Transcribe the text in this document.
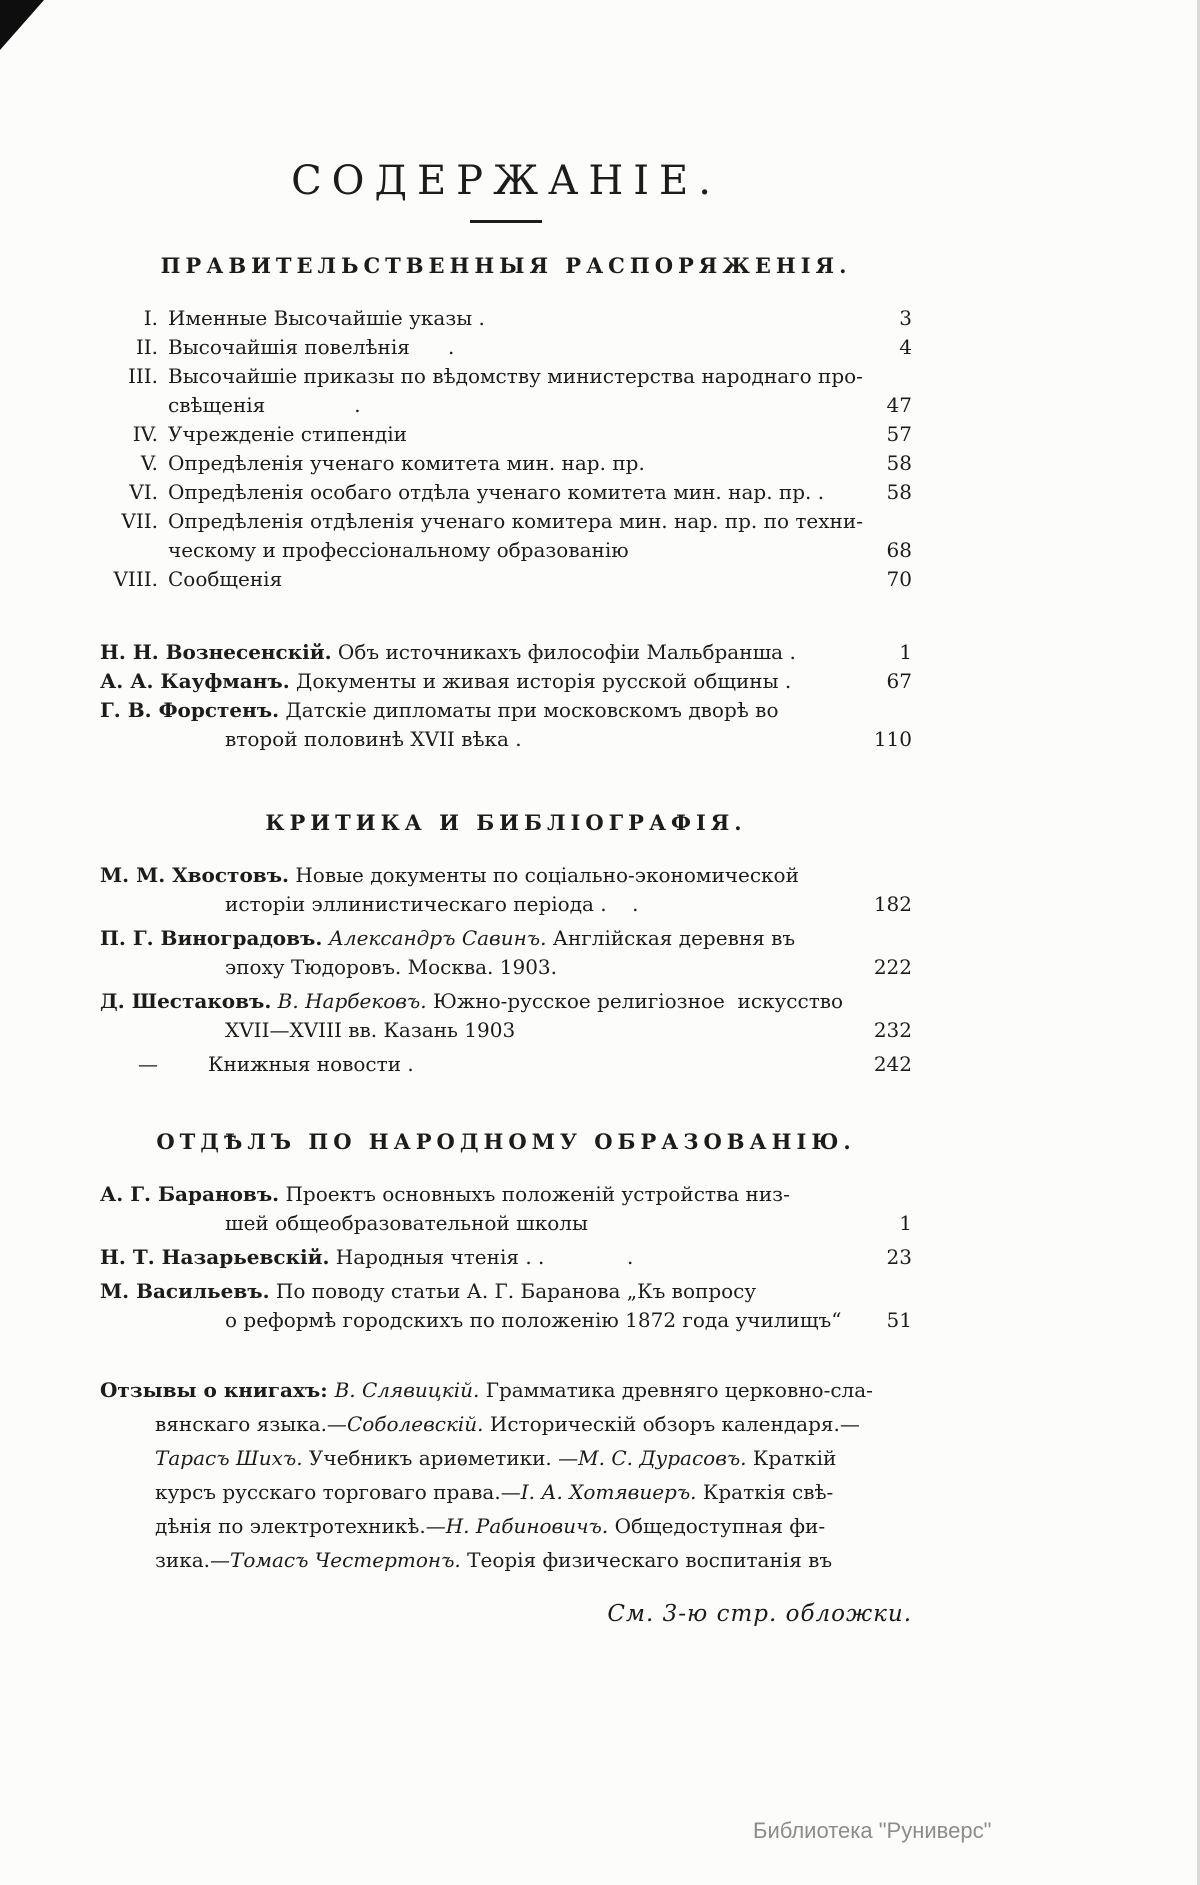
СОДЕРЖАНІЕ.
ПРАВИТЕЛЬСТВЕННЫЯ РАСПОРЯЖЕНІЯ.
I. Именные Высочайшіе указы .	3
II. Высочайшія повелѣнія      .	4
III. Высочайшіе приказы по вѣдомству министерства народнаго про-
свѣщенія              .	47
IV. Учрежденіе стипендіи	57
V. Опредѣленія ученаго комитета мин. нар. пр.	58
VI. Опредѣленія особаго отдѣла ученаго комитета мин. нар. пр. .	58
VII. Опредѣленія отдѣленія ученаго комитера мин. нар. пр. по техни-
ческому и профессіональному образованію	68
VIII. Сообщенія	70
Н. Н. Вознесенскій. Объ источникахъ философіи Мальбранша .	1
А. А. Кауфманъ. Документы и живая исторія русской общины .	67
Г. В. Форстенъ. Датскіе дипломаты при московскомъ дворѣ во
второй половинѣ XVII вѣка .	110
КРИТИКА И БИБЛІОГРАФІЯ.
М. М. Хвостовъ. Новые документы по соціально-экономической
исторіи эллинистическаго періода .    .	182
П. Г. Виноградовъ. Александръ Савинъ. Англійская деревня въ
эпоху Тюдоровъ. Москва. 1903.	222
Д. Шестаковъ. В. Нарбековъ. Южно-русское религіозное  искусство
XVII—XVIII вв. Казань 1903	232
—	Книжныя новости .	242
ОТДѢЛЪ ПО НАРОДНОМУ ОБРАЗОВАНІЮ.
А. Г. Барановъ. Проектъ основныхъ положеній устройства низ-
шей общеобразовательной школы	1
Н. Т. Назарьевскій. Народныя чтенія . .             .	23
М. Васильевъ. По поводу статьи А. Г. Баранова „Къ вопросу
о реформѣ городскихъ по положенію 1872 года училищъ“	51
Отзывы о книгахъ: В. Слявицкій. Грамматика древняго церковно-сла-
вянскаго языка.—Соболевскій. Историческій обзоръ календаря.—
Тарасъ Шихъ. Учебникъ ариѳметики. —М. С. Дурасовъ. Краткій
курсъ русскаго торговаго права.—І. А. Хотявиеръ. Краткія свѣ-
дѣнія по электротехникѣ.—Н. Рабиновичъ. Общедоступная фи-
зика.—Томасъ Честертонъ. Теорія физическаго воспитанія въ
См. 3-ю стр. обложки.
Библиотека "Руниверс"
